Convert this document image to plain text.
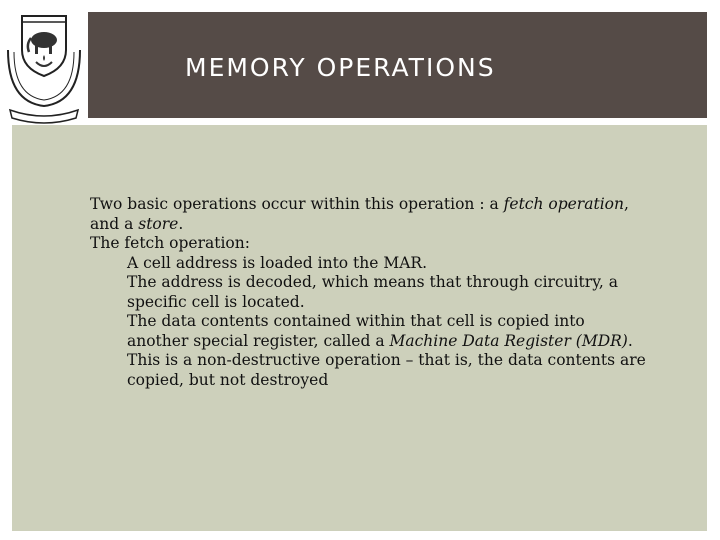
MEMORY OPERATIONS

Two basic operations occur within this operation : a fetch operation, and a store.

The fetch operation:

A cell address is loaded into the MAR.

The address is decoded, which means that through circuitry, a specific cell is located.

The data contents contained within that cell is copied into another special register, called a Machine Data Register (MDR).

This is a non-destructive operation – that is, the data contents are copied, but not destroyed
